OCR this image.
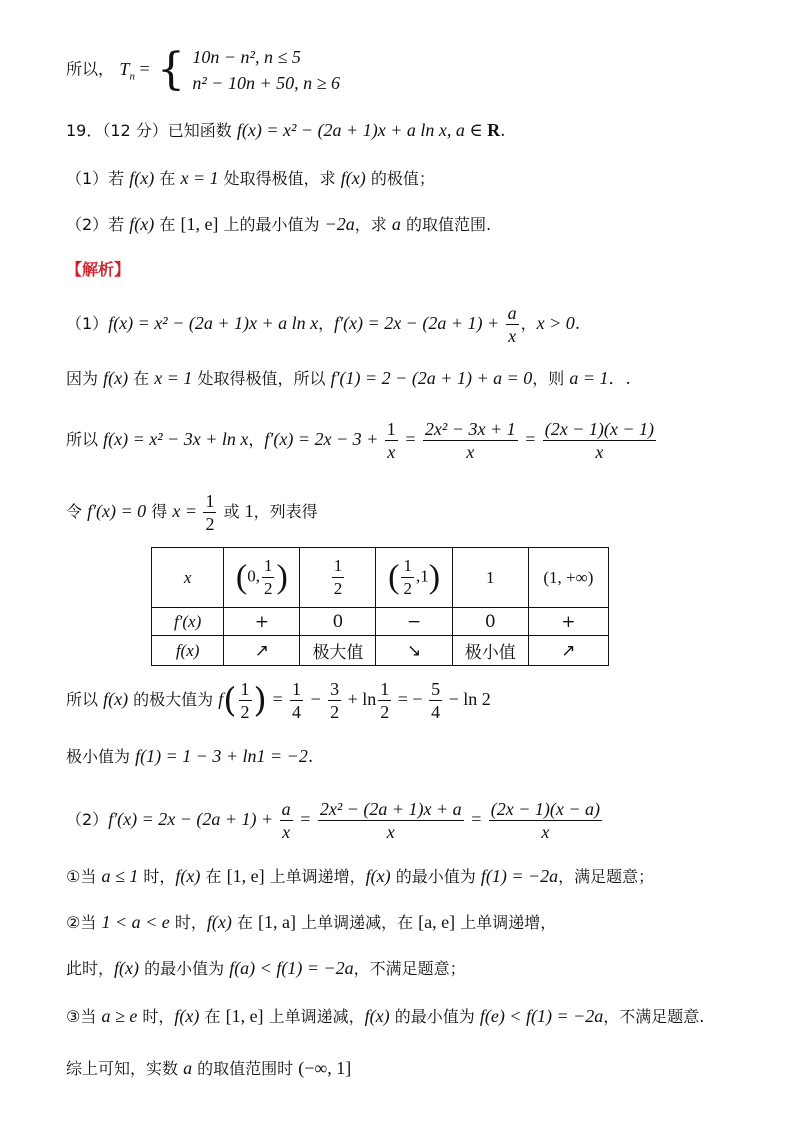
所以， $T_n$ = { 10n − n², n ≤ 5
n² − 10n + 50, n ≥ 6
19．（12 分）已知函数 f(x) = x² − (2a + 1)x + a ln x, a ∈ R.
（1）若 f(x) 在 x = 1 处取得极值，求 f(x) 的极值；
（2）若 f(x) 在 [1, e] 上的最小值为 −2a，求 a 的取值范围.
【解析】
（1）f(x) = x² − (2a + 1)x + a ln x，$f'(x) = 2x - (2a + 1) + \frac{a}{x}$ ，x > 0.
因为 f(x) 在 x = 1 处取得极值，所以 f′(1) = 2 − (2a + 1) + a = 0，则 a = 1．.
所以 f(x) = x² − 3x + ln x，$f'(x) = 2x - 3 + \frac{1}{x} = \frac{\text{2x² − 3x + 1}}{x} = \frac{(2x - 1)(x - 1)}{x}$
令 f′(x) = 0 得 $x = \frac{1}{2}$ 或 1，列表得
x	(0, $\frac{1}{2}$ )	$\frac{1}{2}$	( $\frac{1}{2} ,1$)	1	(1, +∞)
f′(x)	+	0	−	0	+
f(x)	↗	极大值	↘	极小值	↗
所以 f(x) 的极大值为 $f( \frac{1}{2}$ ) = $\frac{1}{4} - \frac{3}{2} + \ln \frac{1}{2}$ = − $\frac{5}{4} - \ln 2$
极小值为 f(1) = 1 − 3 + ln1 = −2.
$(2)f'(x) = 2x - (2a + 1) + \frac{a}{x} = \frac{\text{2x² − (2a + 1)x + a}}{x} = \frac{(2x - 1)(x - a)}{x}$
①当 a ≤ 1 时，f(x) 在 [1, e] 上单调递增，f(x) 的最小值为 f(1) = −2a，满足题意；
②当 1 < a < e 时，f(x) 在 [1, a] 上单调递减，在 [a, e] 上单调递增，
此时，f(x) 的最小值为 f(a) < f(1) = −2a，不满足题意；
③当 a ≥ e 时，f(x) 在 [1, e] 上单调递减，f(x) 的最小值为 f(e) < f(1) = −2a，不满足题意.
综上可知，实数 a 的取值范围时 (−∞, 1]
